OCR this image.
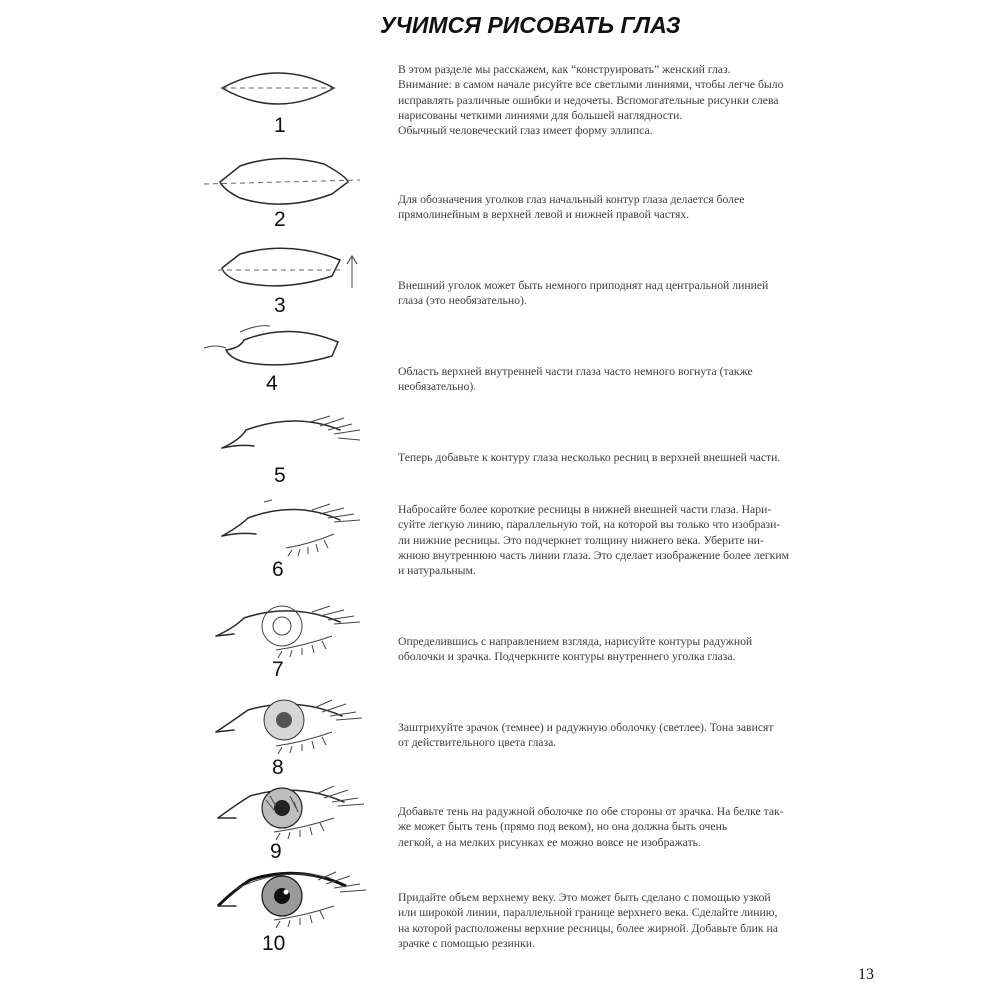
УЧИМСЯ РИСОВАТЬ ГЛАЗ
1
В этом разделе мы расскажем, как “конструировать” женский глаз.
Внимание: в самом начале рисуйте все светлыми линиями, чтобы легче было
исправлять различные ошибки и недочеты. Вспомогательные рисунки слева
нарисованы четкими линиями для большей наглядности.
Обычный человеческий глаз имеет форму эллипса.
2
Для обозначения уголков глаз начальный контур глаза делается более
прямолинейным в верхней левой и нижней правой частях.
3
Внешний уголок может быть немного приподнят над центральной линией
глаза (это необязательно).
4
Область верхней внутренней части глаза часто немного вогнута (также
необязательно).
5
Теперь добавьте к контуру глаза несколько ресниц в верхней внешней части.
6
Набросайте более короткие ресницы в нижней внешней части глаза. Нари-
суйте легкую линию, параллельную той, на которой вы только что изобрази-
ли нижние ресницы. Это подчеркнет толщину нижнего века. Уберите ни-
жнюю внутреннюю часть линии глаза. Это сделает изображение более легким
и натуральным.
7
Определившись с направлением взгляда, нарисуйте контуры радужной
оболочки и зрачка. Подчеркните контуры внутреннего уголка глаза.
8
Заштрихуйте зрачок (темнее) и радужную оболочку (светлее). Тона зависят
от действительного цвета глаза.
9
Добавьте тень на радужной оболочке по обе стороны от зрачка. На белке так-
же может быть тень (прямо под веком), но она должна быть очень
легкой, а на мелких рисунках ее можно вовсе не изображать.
10
Придайте объем верхнему веку. Это может быть сделано с помощью узкой
или широкой линии, параллельной границе верхнего века. Сделайте линию,
на которой расположены верхние ресницы, более жирной. Добавьте блик на
зрачке с помощью резинки.
13
